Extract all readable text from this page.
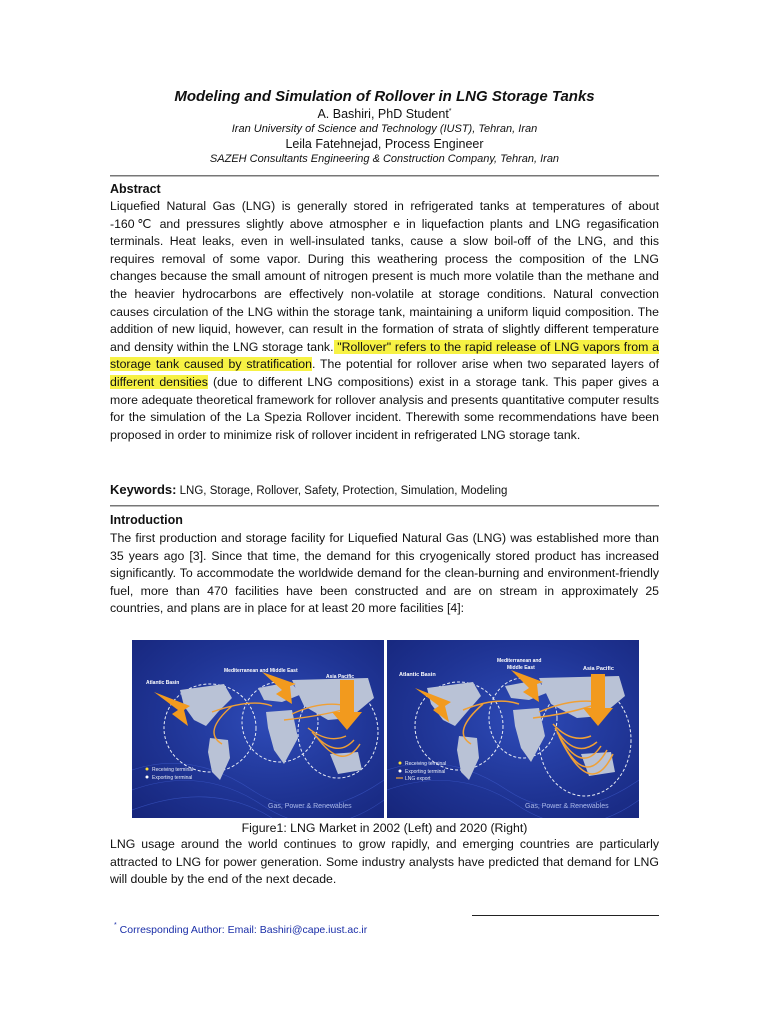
Modeling and Simulation of Rollover in LNG Storage Tanks

A. Bashiri, PhD Student*
Iran University of Science and Technology (IUST), Tehran, Iran
Leila Fatehnejad, Process Engineer
SAZEH Consultants Engineering & Construction Company, Tehran, Iran
Abstract

Liquefied Natural Gas (LNG) is generally stored in refrigerated tanks at temperatures of about -160℃ and pressures slightly above atmospher e in liquefaction plants and LNG regasification terminals. Heat leaks, even in well-insulated tanks, cause a slow boil-off of the LNG, and this requires removal of some vapor. During this weathering process the composition of the LNG changes because the small amount of nitrogen present is much more volatile than the methane and the heavier hydrocarbons are effectively non-volatile at storage conditions. Natural convection causes circulation of the LNG within the storage tank, maintaining a uniform liquid composition. The addition of new liquid, however, can result in the formation of strata of slightly different temperature and density within the LNG storage tank. "Rollover" refers to the rapid release of LNG vapors from a storage tank caused by stratification. The potential for rollover arise when two separated layers of different densities (due to different LNG compositions) exist in a storage tank. This paper gives a more adequate theoretical framework for rollover analysis and presents quantitative computer results for the simulation of the La Spezia Rollover incident. Therewith some recommendations have been proposed in order to minimize risk of rollover incident in refrigerated LNG storage tank.

Keywords: LNG, Storage, Rollover, Safety, Protection, Simulation, Modeling
Introduction

The first production and storage facility for Liquefied Natural Gas (LNG) was established more than 35 years ago [3]. Since that time, the demand for this cryogenically stored product has increased significantly. To accommodate the worldwide demand for the clean-burning and environment-friendly fuel, more than 470 facilities have been constructed and are on stream in approximately 25 countries, and plans are in place for at least 20 more facilities [4]:

Atlantic Basin
Mediterranean and Middle East
Asia Pacific
Receiving terminal
Exporting terminal
Gas, Power & Renewables
Atlantic Basin
Mediterranean and
Middle East	Asia Pacific
Receiving terminal
Exporting terminal
LNG export
Gas, Power & Renewables
Figure1: LNG Market in 2002 (Left) and 2020 (Right)

LNG usage around the world continues to grow rapidly, and emerging countries are particularly attracted to LNG for power generation. Some industry analysts have predicted that demand for LNG will double by the end of the next decade.

* Corresponding Author: Email: Bashiri@cape.iust.ac.ir
